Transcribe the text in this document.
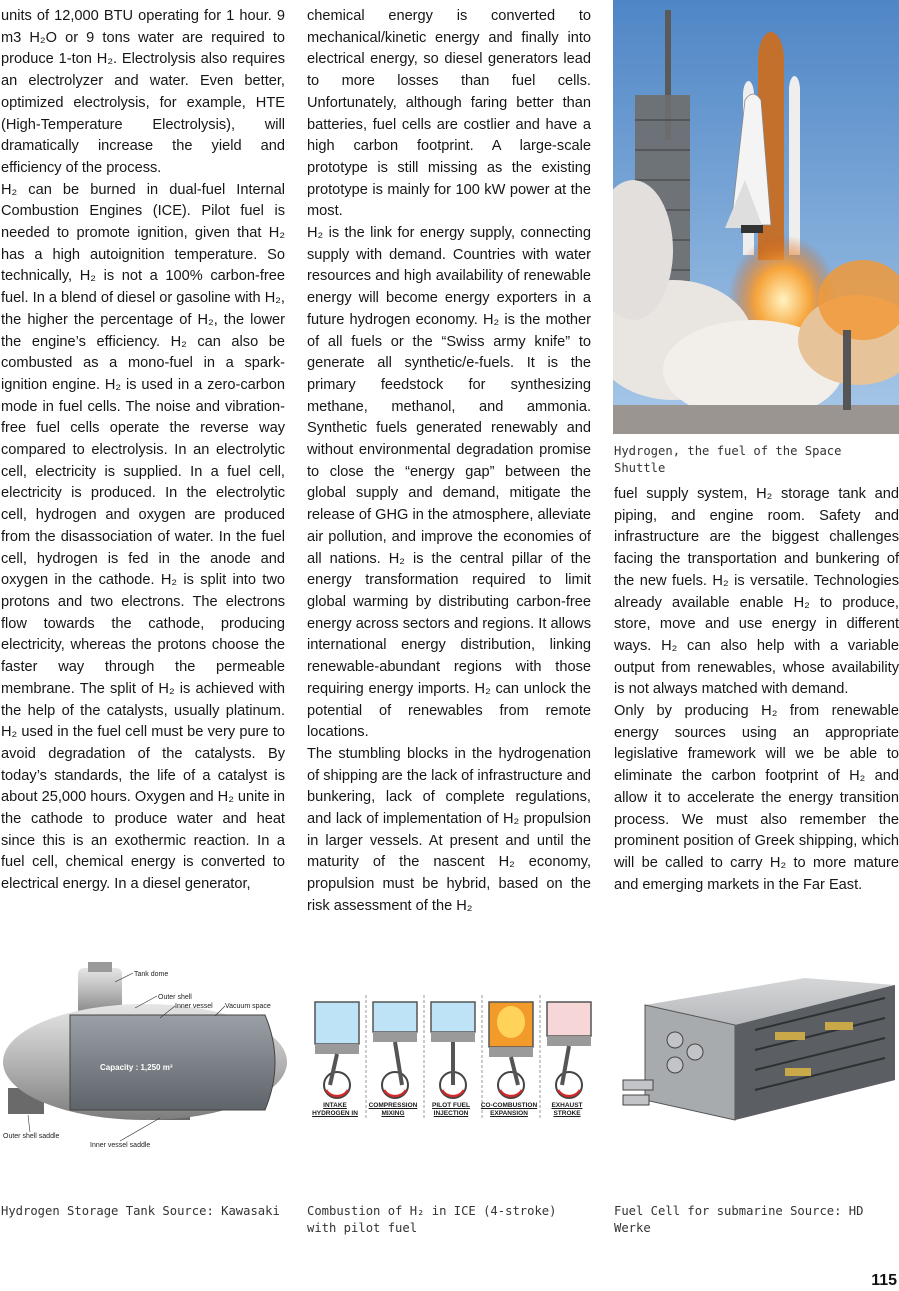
units of 12,000 BTU operating for 1 hour. 9 m3 H₂O or 9 tons water are required to produce 1-ton H₂. Electrolysis also requires an electrolyzer and water. Even better, optimized electrolysis, for example, HTE (High-Temperature Electrolysis), will dramatically increase the yield and efficiency of the process.

H₂ can be burned in dual-fuel Internal Combustion Engines (ICE). Pilot fuel is needed to promote ignition, given that H₂ has a high autoignition temperature. So technically, H₂ is not a 100% carbon-free fuel. In a blend of diesel or gasoline with H₂, the higher the percentage of H₂, the lower the engine’s efficiency. H₂ can also be combusted as a mono-fuel in a spark-ignition engine. H₂ is used in a zero-carbon mode in fuel cells. The noise and vibration-free fuel cells operate the reverse way compared to electrolysis. In an electrolytic cell, electricity is supplied. In a fuel cell, electricity is produced. In the electrolytic cell, hydrogen and oxygen are produced from the disassociation of water. In the fuel cell, hydrogen is fed in the anode and oxygen in the cathode. H₂ is split into two protons and two electrons. The electrons flow towards the cathode, producing electricity, whereas the protons choose the faster way through the permeable membrane. The split of H₂ is achieved with the help of the catalysts, usually platinum. H₂ used in the fuel cell must be very pure to avoid degradation of the catalysts. By today’s standards, the life of a catalyst is about 25,000 hours. Oxygen and H₂ unite in the cathode to produce water and heat since this is an exothermic reaction. In a fuel cell, chemical energy is converted to electrical energy. In a diesel generator,

chemical energy is converted to mechanical/kinetic energy and finally into electrical energy, so diesel generators lead to more losses than fuel cells. Unfortunately, although faring better than batteries, fuel cells are costlier and have a high carbon footprint. A large-scale prototype is still missing as the existing prototype is mainly for 100 kW power at the most.

H₂ is the link for energy supply, connecting supply with demand. Countries with water resources and high availability of renewable energy will become energy exporters in a future hydrogen economy. H₂ is the mother of all fuels or the “Swiss army knife” to generate all synthetic/e-fuels. It is the primary feedstock for synthesizing methane, methanol, and ammonia. Synthetic fuels generated renewably and without environmental degradation promise to close the “energy gap” between the global supply and demand, mitigate the release of GHG in the atmosphere, alleviate air pollution, and improve the economies of all nations. H₂ is the central pillar of the energy transformation required to limit global warming by distributing carbon-free energy across sectors and regions. It allows international energy distribution, linking renewable-abundant regions with those requiring energy imports. H₂ can unlock the potential of renewables from remote locations.

The stumbling blocks in the hydrogenation of shipping are the lack of infrastructure and bunkering, lack of complete regulations, and lack of implementation of H₂ propulsion in larger vessels. At present and until the maturity of the nascent H₂ economy, propulsion must be hybrid, based on the risk assessment of the H₂

fuel supply system, H₂ storage tank and piping, and engine room. Safety and infrastructure are the biggest challenges facing the transportation and bunkering of the new fuels. H₂ is versatile. Technologies already available enable H₂ to produce, store, move and use energy in different ways. H₂ can also help with a variable output from renewables, whose availability is not always matched with demand.

Only by producing H₂ from renewable energy sources using an appropriate legislative framework will we be able to eliminate the carbon footprint of H₂ and allow it to accelerate the energy transition process. We must also remember the prominent position of Greek shipping, which will be called to carry H₂ to more mature and emerging markets in the Far East.

Hydrogen, the fuel of the Space Shuttle
Capacity : 1,250 m³
Tank dome
Outer shell
Inner vessel Vacuum space
Outer shell saddle
Inner vessel saddle
Hydrogen Storage Tank Source: Kawasaki
INTAKE HYDROGEN IN
COMPRESSION MIXING
PILOT FUEL INJECTION
CO-COMBUSTION EXPANSION
EXHAUST STROKE
Combustion of H₂ in ICE (4-stroke) with pilot fuel
Fuel Cell for submarine Source: HD Werke
115
